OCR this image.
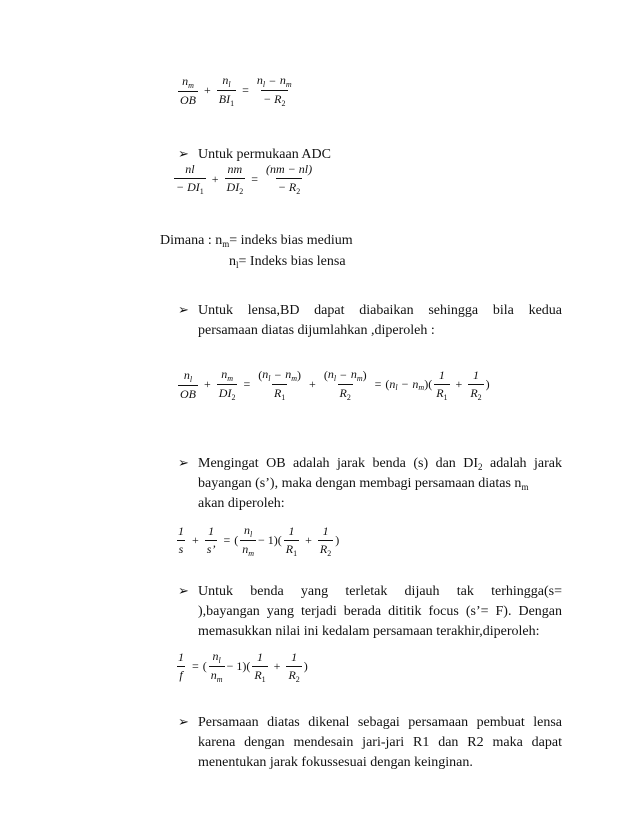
$\frac{n_m}{OB} + \frac{n_l}{BI_1} = \frac{n_l - n_m}{- R_2}$
➢ Untuk permukaan ADC
$\frac{nl}{- DI_1} + \frac{nm}{DI_2} = \frac{(nm - nl)}{- R_2}$
Dimana : $n_m=$ indeks bias medium
$n_l=$ Indeks bias lensa
➢ Untuk lensa,BD dapat diabaikan sehingga bila kedua
persamaan diatas dijumlahkan ,diperoleh :
$\frac{n_l}{OB} + \frac{n_m}{DI_2} = \frac{(n_l - n_m)}{R_1} + \frac{(n_l - n_m)}{R_2}$ = ( n l − n m ) ( $\frac{1}{R_1} + \frac{1}{R_2}$ )
➢ Mengingat OB adalah jarak benda (s) dan $DI_2$ adalah jarak
bayangan (s’), maka dengan membagi persamaan diatas $n_m$
akan diperoleh:
$\frac{1}{s} + \frac{1}{s’}$ = ( $\frac{n_l}{n_m} - 1)( \frac{1}{R_1} + \frac{1}{R_2}$ )
➢ Untuk benda yang terletak dijauh tak terhingga(s=
),bayangan yang terjadi berada dititik focus (s’= F). Dengan
memasukkan nilai ini kedalam persamaan terakhir,diperoleh:
$\frac{1}{f}$ = ( $\frac{n_l}{n_m} - 1)( \frac{1}{R_1} + \frac{1}{R_2}$ )
➢ Persamaan diatas dikenal sebagai persamaan pembuat lensa
karena dengan mendesain jari-jari R1 dan R2 maka dapat
menentukan jarak fokussesuai dengan keinginan.
